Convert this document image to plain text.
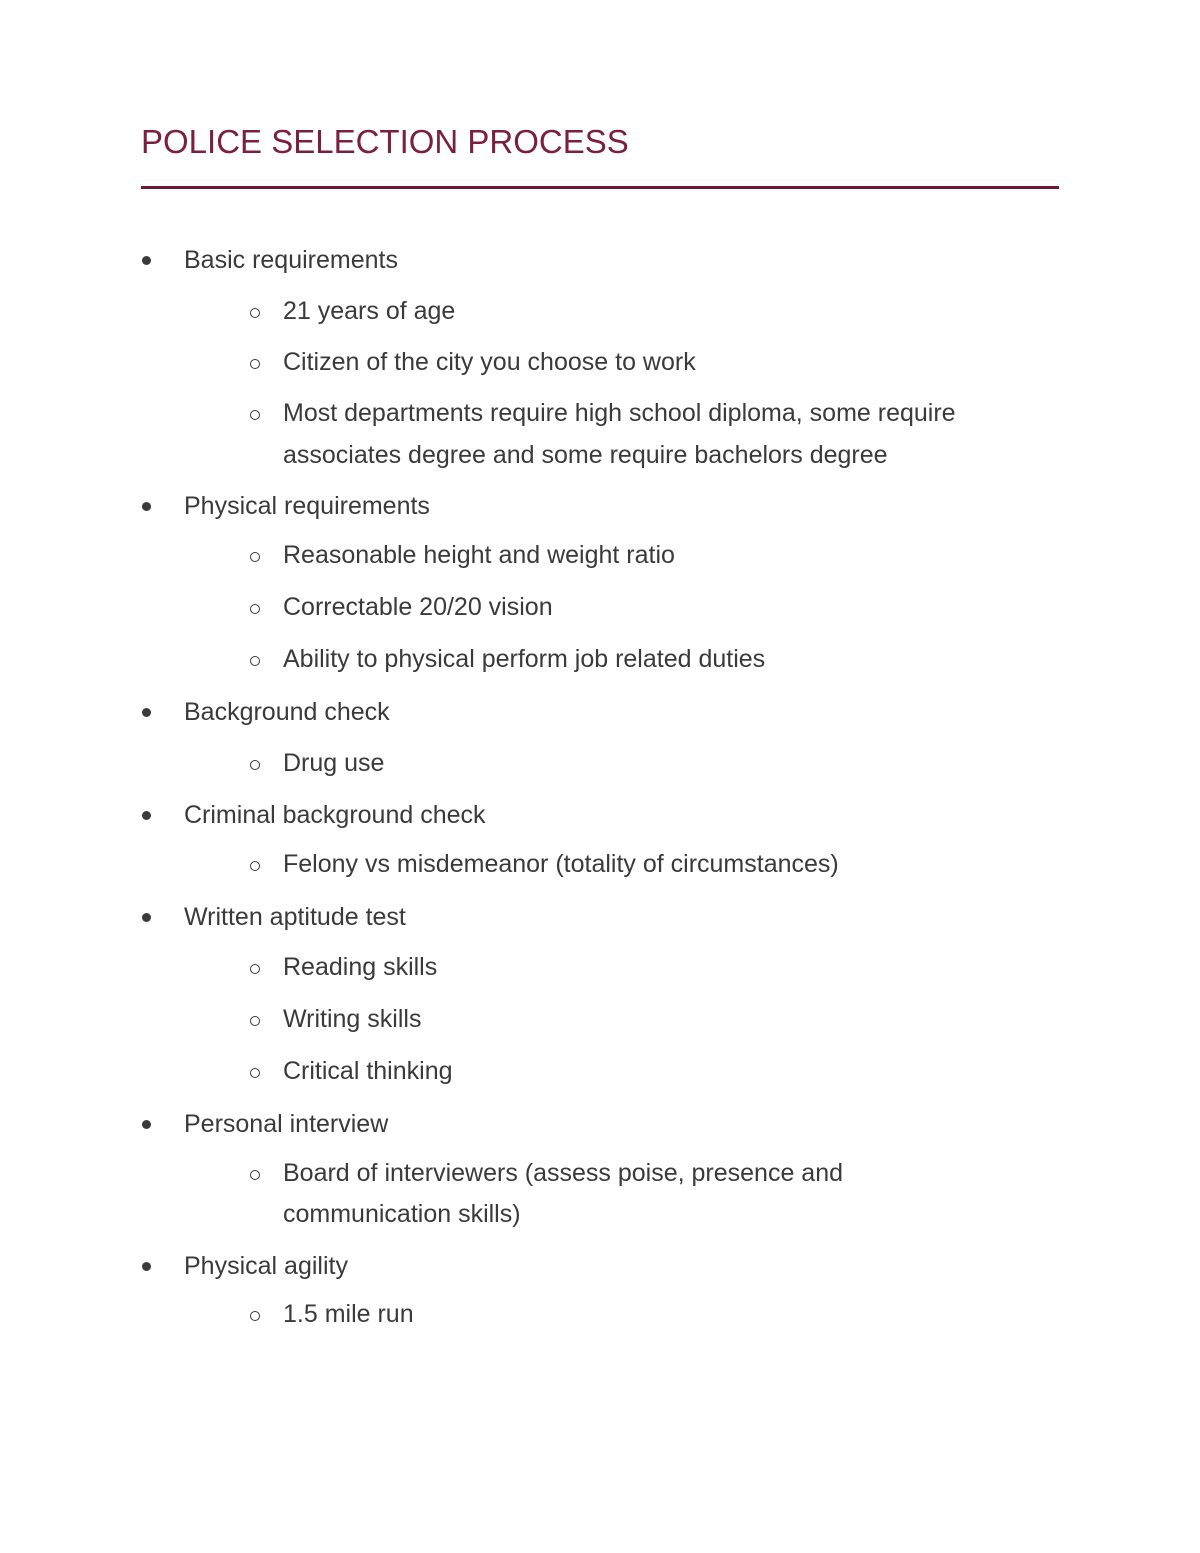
POLICE SELECTION PROCESS
Basic requirements
21 years of age
Citizen of the city you choose to work
Most departments require high school diploma, some require
associates degree and some require bachelors degree
Physical requirements
Reasonable height and weight ratio
Correctable 20/20 vision
Ability to physical perform job related duties
Background check
Drug use
Criminal background check
Felony vs misdemeanor (totality of circumstances)
Written aptitude test
Reading skills
Writing skills
Critical thinking
Personal interview
Board of interviewers (assess poise, presence and
communication skills)
Physical agility
1.5 mile run
